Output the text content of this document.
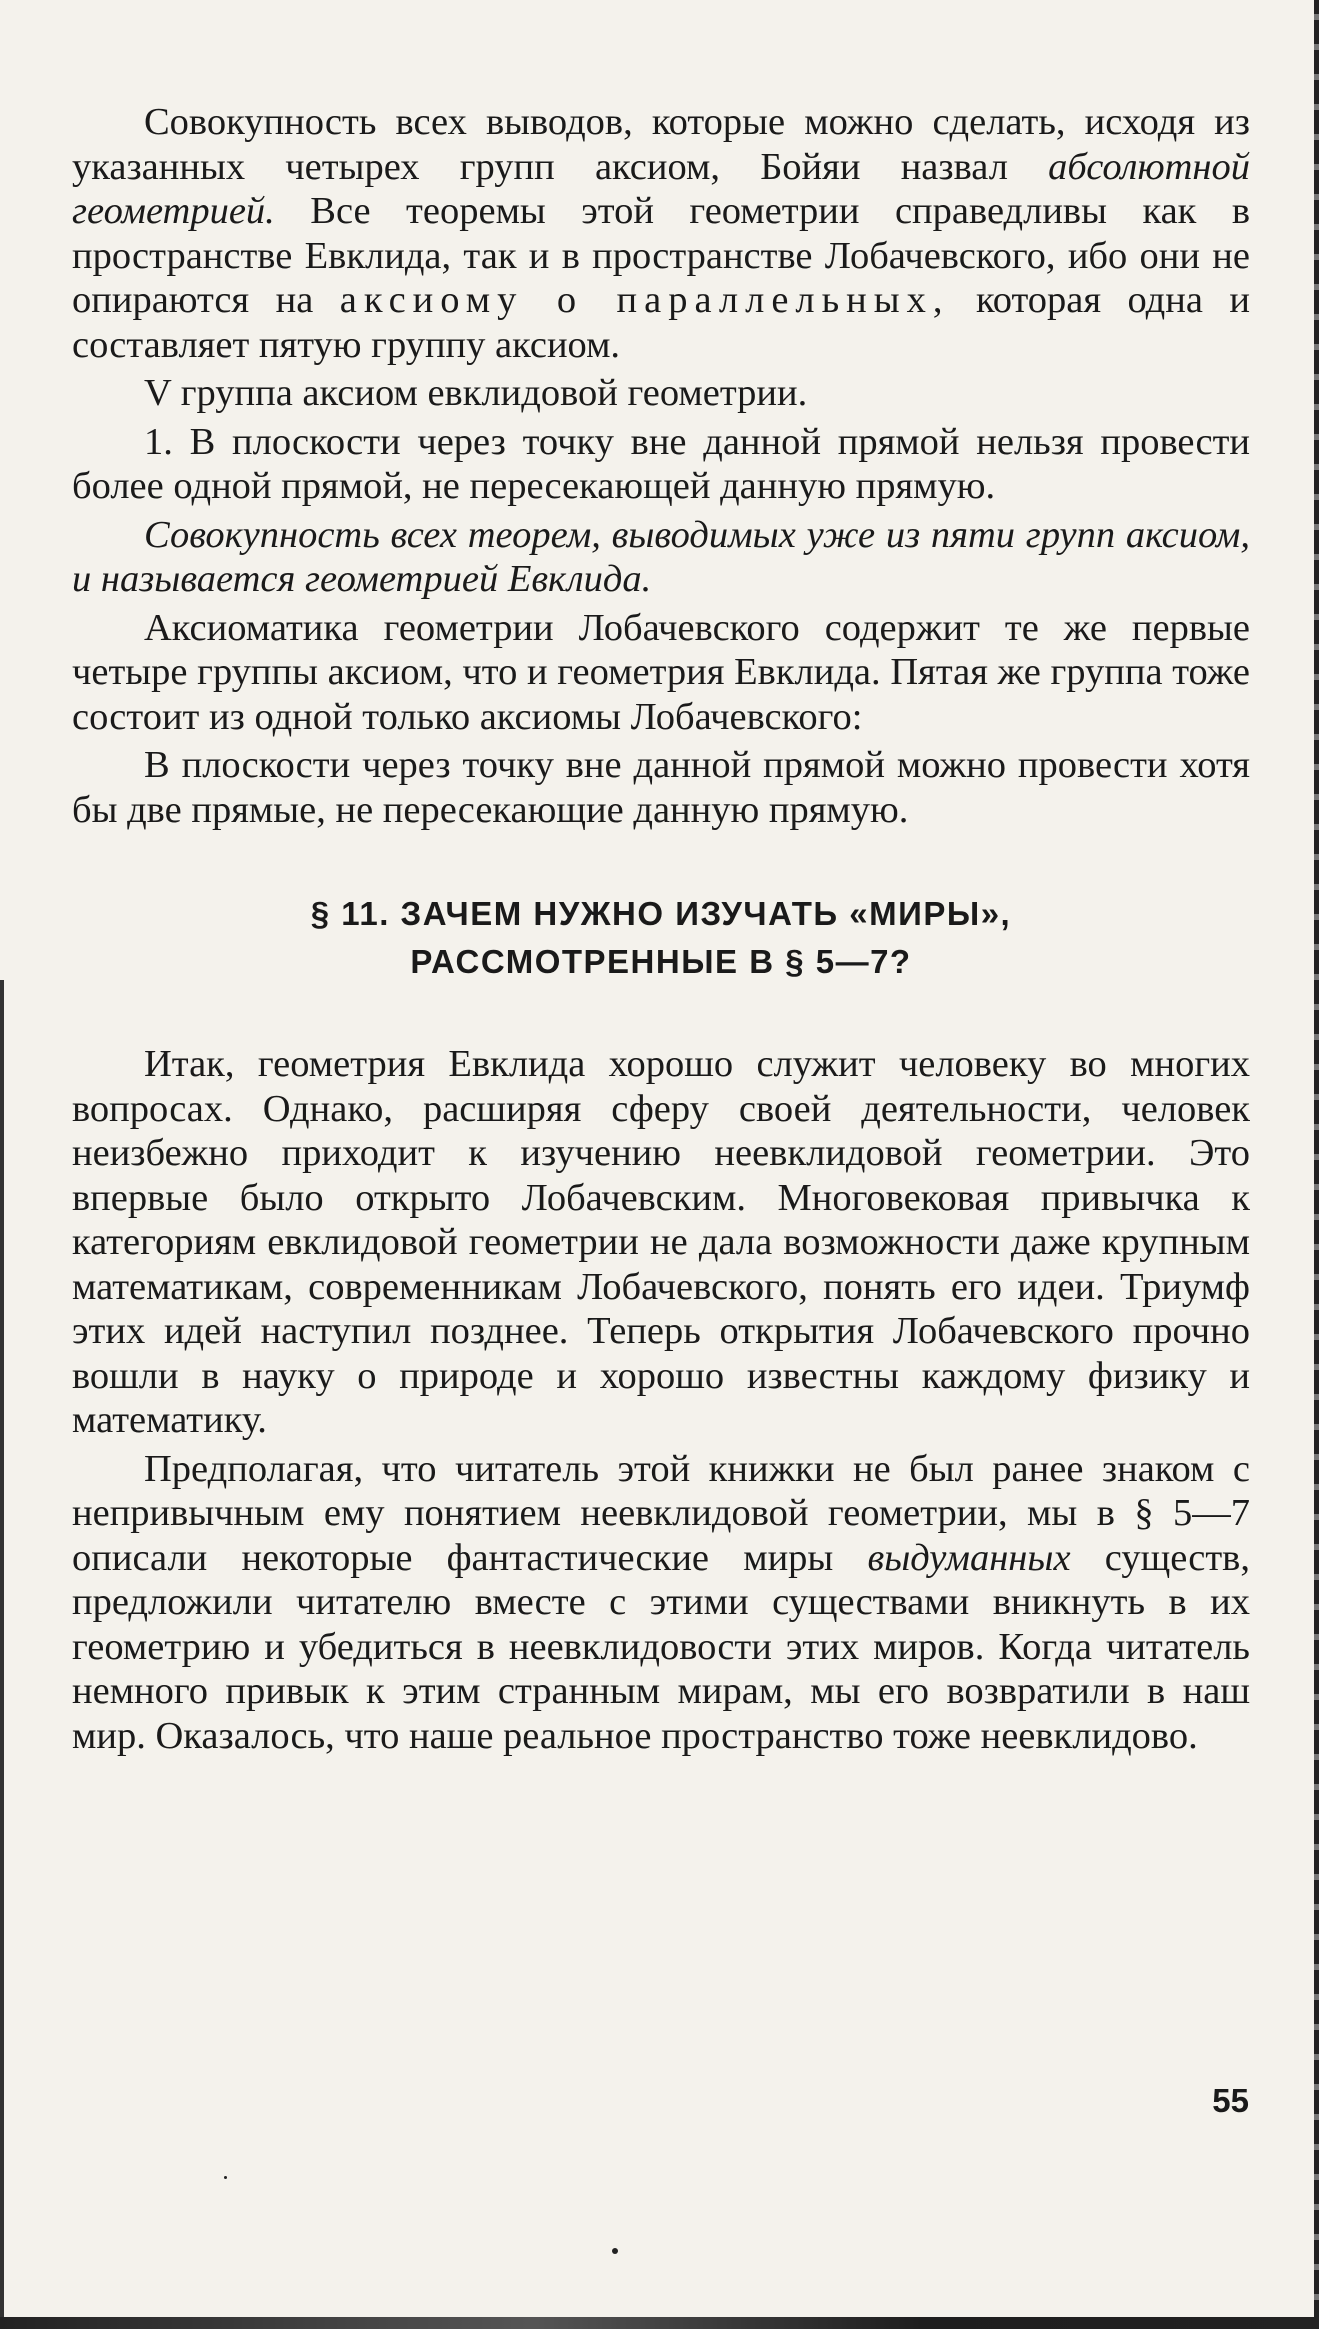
Совокупность всех выводов, которые можно сделать, исходя из указанных четырех групп аксиом, Бойяи назвал абсолютной геометрией. Все теоремы этой геометрии справедливы как в пространстве Евклида, так и в пространстве Лобачевского, ибо они не опираются на аксиому о параллельных, которая одна и составляет пятую группу аксиом.

V группа аксиом евклидовой геометрии.

1. В плоскости через точку вне данной прямой нельзя провести более одной прямой, не пересекающей данную прямую.

Совокупность всех теорем, выводимых уже из пяти групп аксиом, и называется геометрией Евклида.

Аксиоматика геометрии Лобачевского содержит те же первые четыре группы аксиом, что и геометрия Евклида. Пятая же группа тоже состоит из одной только аксиомы Лобачевского:

В плоскости через точку вне данной прямой можно провести хотя бы две прямые, не пересекающие данную прямую.

§ 11. ЗАЧЕМ НУЖНО ИЗУЧАТЬ «МИРЫ»,
РАССМОТРЕННЫЕ В § 5—7?

Итак, геометрия Евклида хорошо служит человеку во многих вопросах. Однако, расширяя сферу своей деятельности, человек неизбежно приходит к изучению неевклидовой геометрии. Это впервые было открыто Лобачевским. Многовековая привычка к категориям евклидовой геометрии не дала возможности даже крупным математикам, современникам Лобачевского, понять его идеи. Триумф этих идей наступил позднее. Теперь открытия Лобачевского прочно вошли в науку о природе и хорошо известны каждому физику и математику.

Предполагая, что читатель этой книжки не был ранее знаком с непривычным ему понятием неевклидовой геометрии, мы в § 5—7 описали некоторые фантастические миры выдуманных существ, предложили читателю вместе с этими существами вникнуть в их геометрию и убедиться в неевклидовости этих миров. Когда читатель немного привык к этим странным мирам, мы его возвратили в наш мир. Оказалось, что наше реальное пространство тоже неевклидово.

55
